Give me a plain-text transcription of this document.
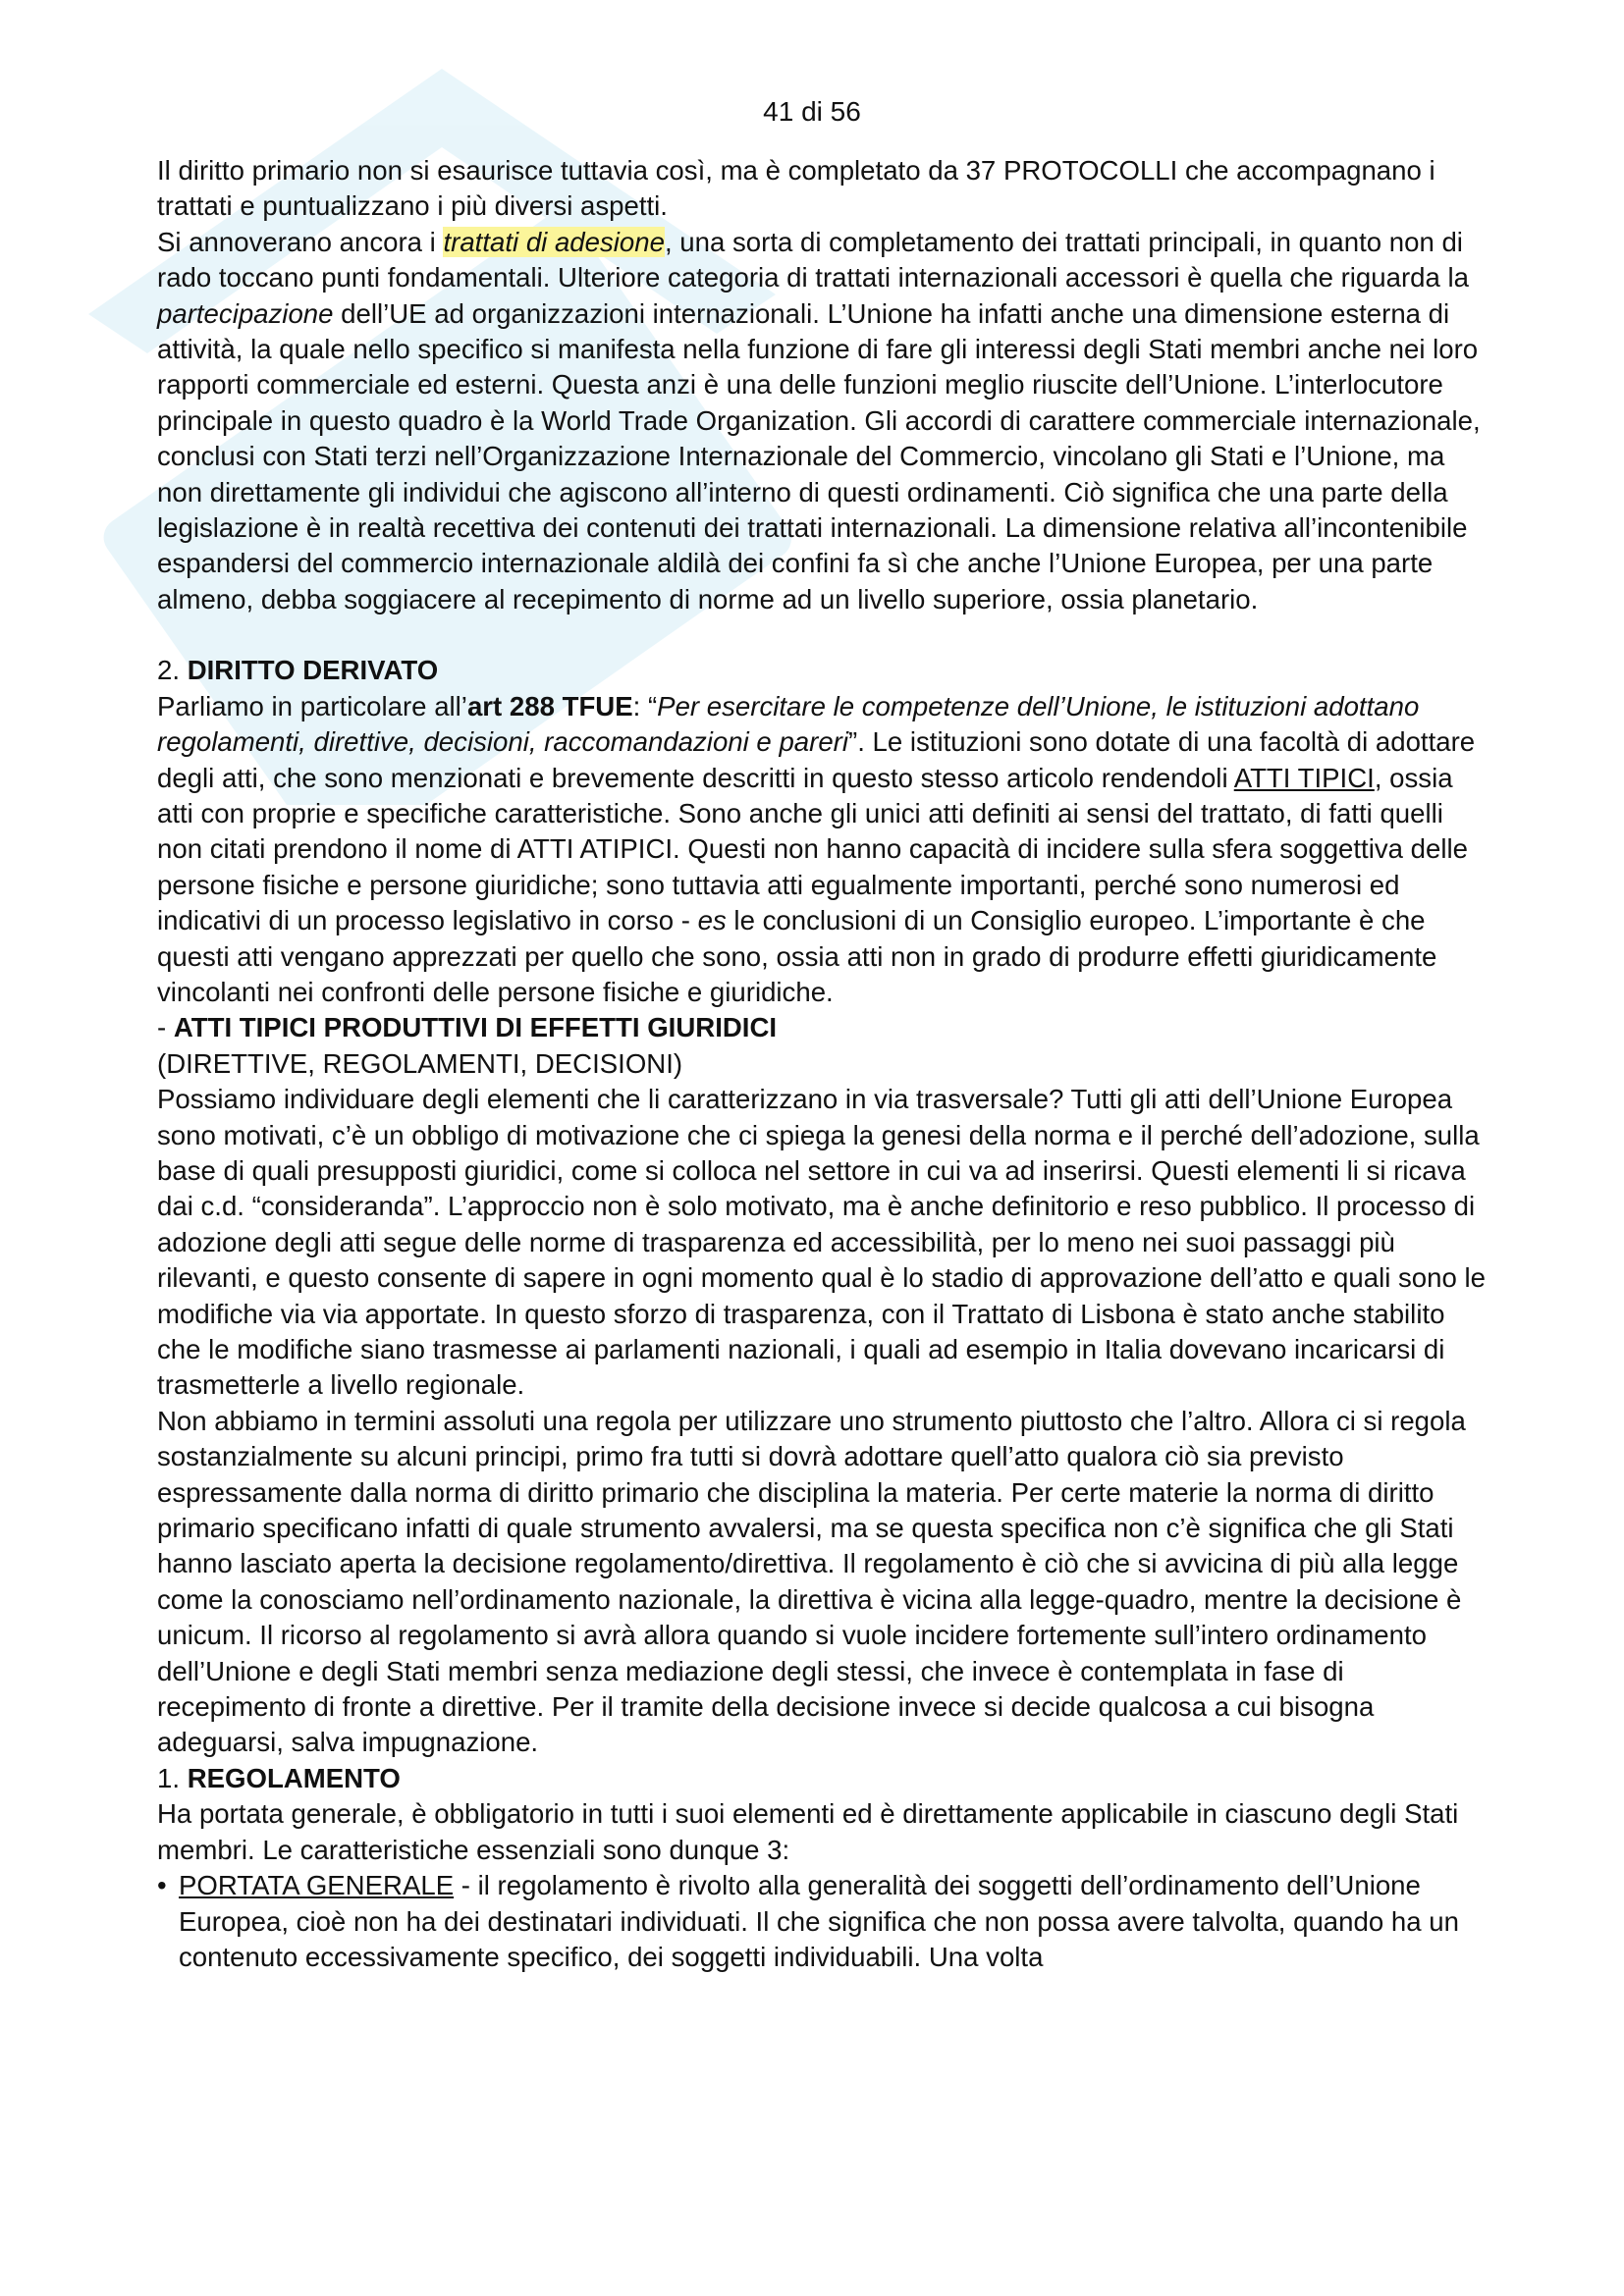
41 di 56

Il diritto primario non si esaurisce tuttavia così, ma è completato da 37 PROTOCOLLI che accompagnano i trattati e puntualizzano i più diversi aspetti.

Si annoverano ancora i trattati di adesione, una sorta di completamento dei trattati principali, in quanto non di rado toccano punti fondamentali. Ulteriore categoria di trattati internazionali accessori è quella che riguarda la partecipazione dell’UE ad organizzazioni internazionali. L’Unione ha infatti anche una dimensione esterna di attività, la quale nello specifico si manifesta nella funzione di fare gli interessi degli Stati membri anche nei loro rapporti commerciale ed esterni. Questa anzi è una delle funzioni meglio riuscite dell’Unione. L’interlocutore principale in questo quadro è la World Trade Organization. Gli accordi di carattere commerciale internazionale, conclusi con Stati terzi nell’Organizzazione Internazionale del Commercio, vincolano gli Stati e l’Unione, ma non direttamente gli individui che agiscono all’interno di questi ordinamenti. Ciò significa che una parte della legislazione è in realtà recettiva dei contenuti dei trattati internazionali. La dimensione relativa all’incontenibile espandersi del commercio internazionale aldilà dei confini fa sì che anche l’Unione Europea, per una parte almeno, debba soggiacere al recepimento di norme ad un livello superiore, ossia planetario.

2. DIRITTO DERIVATO

Parliamo in particolare all’art 288 TFUE: “Per esercitare le competenze dell’Unione, le istituzioni adottano regolamenti, direttive, decisioni, raccomandazioni e pareri”. Le istituzioni sono dotate di una facoltà di adottare degli atti, che sono menzionati e brevemente descritti in questo stesso articolo rendendoli ATTI TIPICI, ossia atti con proprie e specifiche caratteristiche. Sono anche gli unici atti definiti ai sensi del trattato, di fatti quelli non citati prendono il nome di ATTI ATIPICI. Questi non hanno capacità di incidere sulla sfera soggettiva delle persone fisiche e persone giuridiche; sono tuttavia atti egualmente importanti, perché sono numerosi ed indicativi di un processo legislativo in corso - es le conclusioni di un Consiglio europeo. L’importante è che questi atti vengano apprezzati per quello che sono, ossia atti non in grado di produrre effetti giuridicamente vincolanti nei confronti delle persone fisiche e giuridiche.

- ATTI TIPICI PRODUTTIVI DI EFFETTI GIURIDICI

(DIRETTIVE, REGOLAMENTI, DECISIONI)

Possiamo individuare degli elementi che li caratterizzano in via trasversale? Tutti gli atti dell’Unione Europea sono motivati, c’è un obbligo di motivazione che ci spiega la genesi della norma e il perché dell’adozione, sulla base di quali presupposti giuridici, come si colloca nel settore in cui va ad inserirsi. Questi elementi li si ricava dai c.d. “consideranda”. L’approccio non è solo motivato, ma è anche definitorio e reso pubblico. Il processo di adozione degli atti segue delle norme di trasparenza ed accessibilità, per lo meno nei suoi passaggi più rilevanti, e questo consente di sapere in ogni momento qual è lo stadio di approvazione dell’atto e quali sono le modifiche via via apportate. In questo sforzo di trasparenza, con il Trattato di Lisbona è stato anche stabilito che le modifiche siano trasmesse ai parlamenti nazionali, i quali ad esempio in Italia dovevano incaricarsi di trasmetterle a livello regionale.

Non abbiamo in termini assoluti una regola per utilizzare uno strumento piuttosto che l’altro. Allora ci si regola sostanzialmente su alcuni principi, primo fra tutti si dovrà adottare quell’atto qualora ciò sia previsto espressamente dalla norma di diritto primario che disciplina la materia. Per certe materie la norma di diritto primario specificano infatti di quale strumento avvalersi, ma se questa specifica non c’è significa che gli Stati hanno lasciato aperta la decisione regolamento/direttiva. Il regolamento è ciò che si avvicina di più alla legge come la conosciamo nell’ordinamento nazionale, la direttiva è vicina alla legge-quadro, mentre la decisione è unicum. Il ricorso al regolamento si avrà allora quando si vuole incidere fortemente sull’intero ordinamento dell’Unione e degli Stati membri senza mediazione degli stessi, che invece è contemplata in fase di recepimento di fronte a direttive. Per il tramite della decisione invece si decide qualcosa a cui bisogna adeguarsi, salva impugnazione.

1. REGOLAMENTO

Ha portata generale, è obbligatorio in tutti i suoi elementi ed è direttamente applicabile in ciascuno degli Stati membri. Le caratteristiche essenziali sono dunque 3:

• PORTATA GENERALE - il regolamento è rivolto alla generalità dei soggetti dell’ordinamento dell’Unione Europea, cioè non ha dei destinatari individuati. Il che significa che non possa avere talvolta, quando ha un contenuto eccessivamente specifico, dei soggetti individuabili. Una volta
